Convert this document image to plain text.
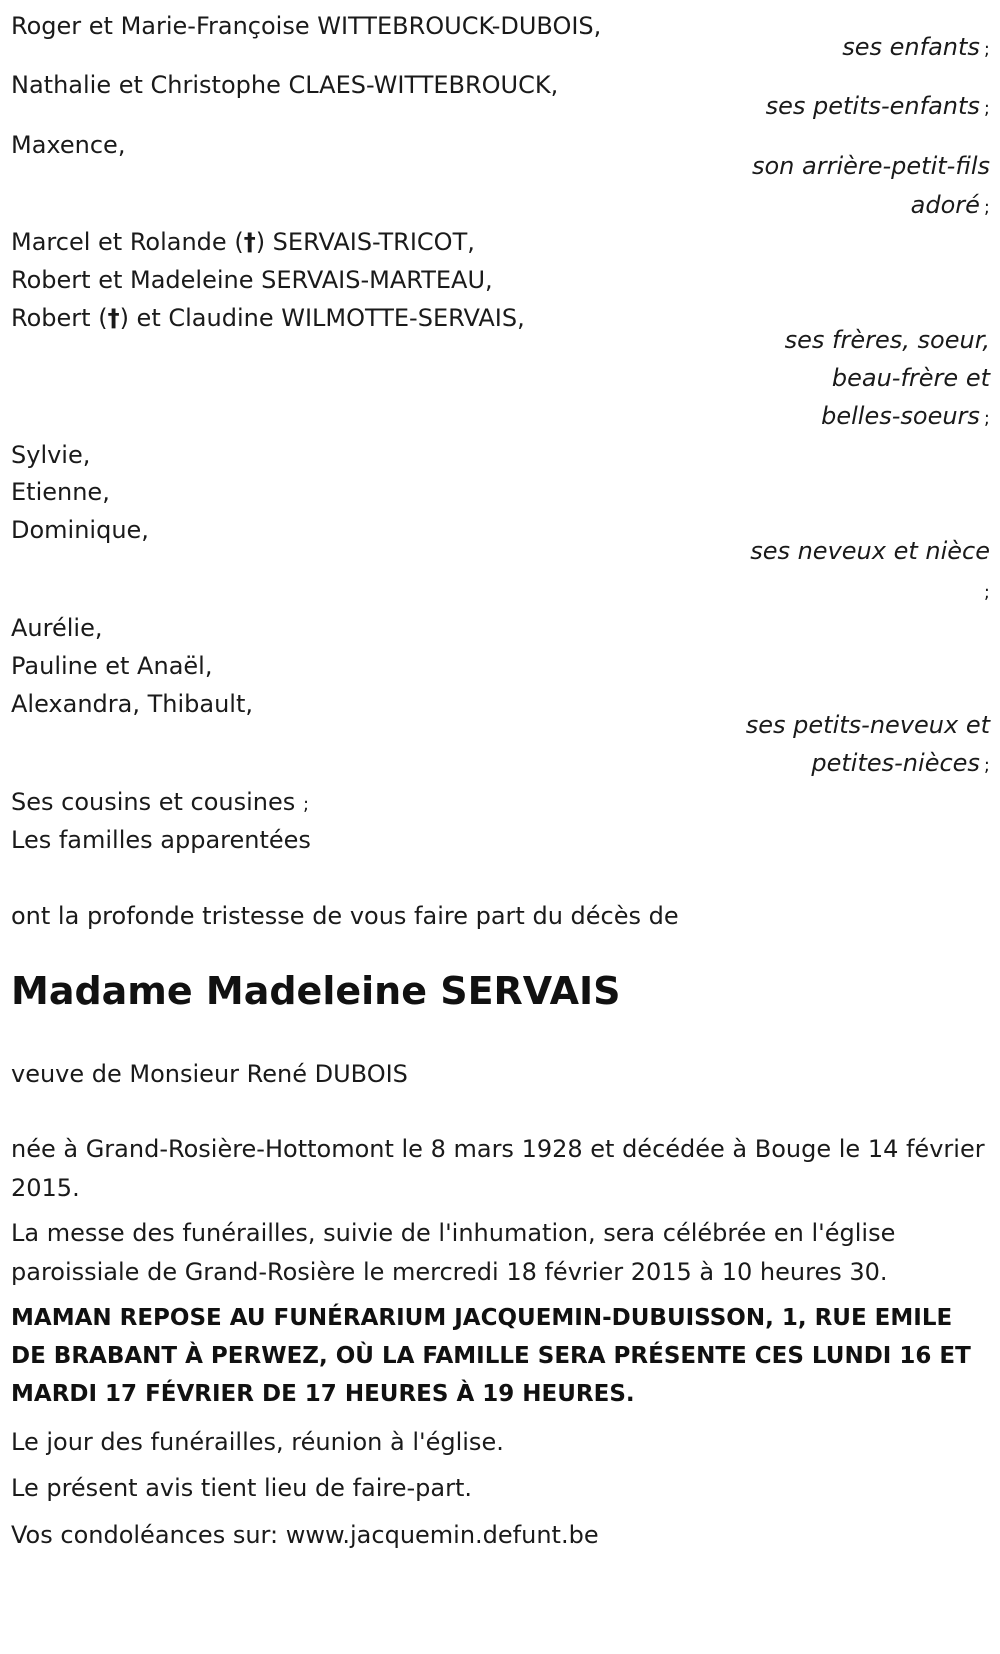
Roger et Marie-Françoise WITTEBROUCK-DUBOIS,

ses enfants ;

Nathalie et Christophe CLAES-WITTEBROUCK,

ses petits-enfants ;

Maxence,

son arrière-petit-fils

adoré ;

Marcel et Rolande (†) SERVAIS-TRICOT,

Robert et Madeleine SERVAIS-MARTEAU,

Robert (†) et Claudine WILMOTTE-SERVAIS,

ses frères, soeur,

beau-frère et

belles-soeurs ;

Sylvie,

Etienne,

Dominique,

ses neveux et nièce

;

Aurélie,

Pauline et Anaël,

Alexandra, Thibault,

ses petits-neveux et

petites-nièces ;

Ses cousins et cousines ;

Les familles apparentées

ont la profonde tristesse de vous faire part du décès de

Madame Madeleine SERVAIS

veuve de Monsieur René DUBOIS

née à Grand-Rosière-Hottomont le 8 mars 1928 et décédée à Bouge le 14 février 2015.

La messe des funérailles, suivie de l'inhumation, sera célébrée en l'église paroissiale de Grand-Rosière le mercredi 18 février 2015 à 10 heures 30.

MAMAN REPOSE AU FUNÉRARIUM JACQUEMIN-DUBUISSON, 1, RUE EMILE DE BRABANT À PERWEZ, OÙ LA FAMILLE SERA PRÉSENTE CES LUNDI 16 ET MARDI 17 FÉVRIER DE 17 HEURES À 19 HEURES.

Le jour des funérailles, réunion à l'église.

Le présent avis tient lieu de faire-part.

Vos condoléances sur: www.jacquemin.defunt.be
